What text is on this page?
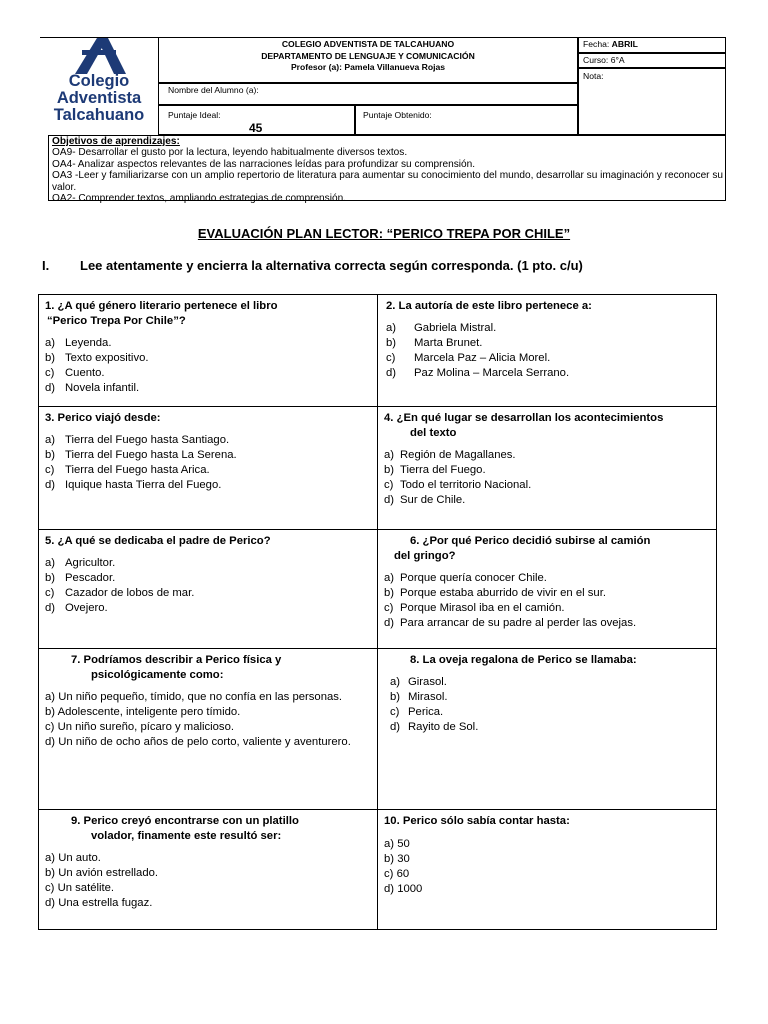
Colegio
Adventista
Talcahuano
COLEGIO ADVENTISTA DE TALCAHUANO
DEPARTAMENTO DE LENGUAJE Y COMUNICACIÓN
Profesor (a): Pamela Villanueva Rojas
Fecha: ABRIL
Curso: 6°A
Nota:
Nombre del Alumno (a):
Puntaje Ideal:
45
Puntaje Obtenido:
Objetivos de aprendizajes:
OA9- Desarrollar el gusto por la lectura, leyendo habitualmente diversos textos.
OA4- Analizar aspectos relevantes de las narraciones leídas para profundizar su comprensión.
OA3 -Leer y familiarizarse con un amplio repertorio de literatura para aumentar su conocimiento del mundo, desarrollar su imaginación y reconocer su valor.
OA2- Comprender textos, ampliando estrategias de comprensión.
EVALUACIÓN PLAN LECTOR: “PERICO TREPA POR CHILE”
I. Lee atentamente y encierra la alternativa correcta según corresponda. (1 pto. c/u)
1. ¿A qué género literario pertenece el libro
“Perico Trepa Por Chile”?
a) Leyenda.
b) Texto expositivo.
c) Cuento.
d) Novela infantil.
2. La autoría de este libro pertenece a:
a) Gabriela Mistral.
b) Marta Brunet.
c) Marcela Paz – Alicia Morel.
d) Paz Molina – Marcela Serrano.
3. Perico viajó desde:
a) Tierra del Fuego hasta Santiago.
b) Tierra del Fuego hasta La Serena.
c) Tierra del Fuego hasta Arica.
d) Iquique hasta Tierra del Fuego.
4. ¿En qué lugar se desarrollan los acontecimientos
del texto
a) Región de Magallanes.
b) Tierra del Fuego.
c) Todo el territorio Nacional.
d) Sur de Chile.
5. ¿A qué se dedicaba el padre de Perico?
a) Agricultor.
b) Pescador.
c) Cazador de lobos de mar.
d) Ovejero.
6. ¿Por qué Perico decidió subirse al camión
del gringo?
a) Porque quería conocer Chile.
b) Porque estaba aburrido de vivir en el sur.
c) Porque Mirasol iba en el camión.
d) Para arrancar de su padre al perder las ovejas.
7. Podríamos describir a Perico física y
psicológicamente como:
a) Un niño pequeño, tímido, que no confía en las personas.
b) Adolescente, inteligente pero tímido.
c) Un niño sureño, pícaro y malicioso.
d) Un niño de ocho años de pelo corto, valiente y aventurero.
8. La oveja regalona de Perico se llamaba:
a) Girasol.
b) Mirasol.
c) Perica.
d) Rayito de Sol.
9. Perico creyó encontrarse con un platillo
volador, finamente este resultó ser:
a) Un auto.
b) Un avión estrellado.
c) Un satélite.
d) Una estrella fugaz.
10. Perico sólo sabía contar hasta:
a) 50
b) 30
c) 60
d) 1000
